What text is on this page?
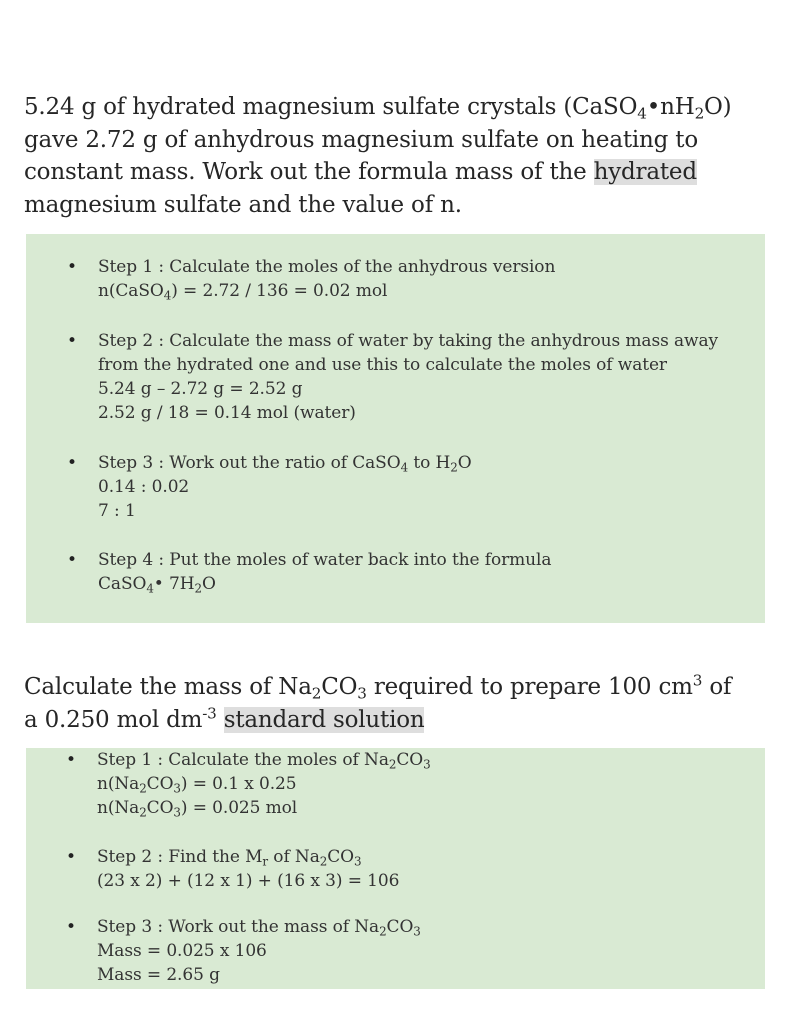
5.24 g of hydrated magnesium sulfate crystals $(CaSO_4•nH_2O)$ gave 2.72 g of anhydrous magnesium sulfate on heating to constant mass. Work out the formula mass of the hydrated magnesium sulfate and the value of n.
• Step 1 : Calculate the moles of the anhydrous version
n(CaSO$_4$) = 2.72 / 136 = 0.02 mol
• Step 2 : Calculate the mass of water by taking the anhydrous mass away from the hydrated one and use this to calculate the moles of water
5.24 g – 2.72 g = 2.52 g
2.52 g / 18 = 0.14 mol (water)
• Step 3 : Work out the ratio of CaSO$_4$ to $H_2O$
0.14 : 0.02
7 : 1
• Step 4 : Put the moles of water back into the formula
CaSO$_4$• $7H_2O$
Calculate the mass of $Na_2CO_3$ required to prepare 100 $cm^3$ of a 0.250 mol $dm^{-3}$ standard solution
• Step 1 : Calculate the moles of $Na_2CO_3$
$n(Na_2CO_3) = 0.1$ x 0.25
$n(Na_2CO_3) = 0.025$ mol
• Step 2 : Find the $M_r$ of $Na_2CO_3$
(23 x 2) + (12 x 1) + (16 x 3) = 106
• Step 3 : Work out the mass of $Na_2CO_3$
Mass = 0.025 x 106
Mass = 2.65 g
